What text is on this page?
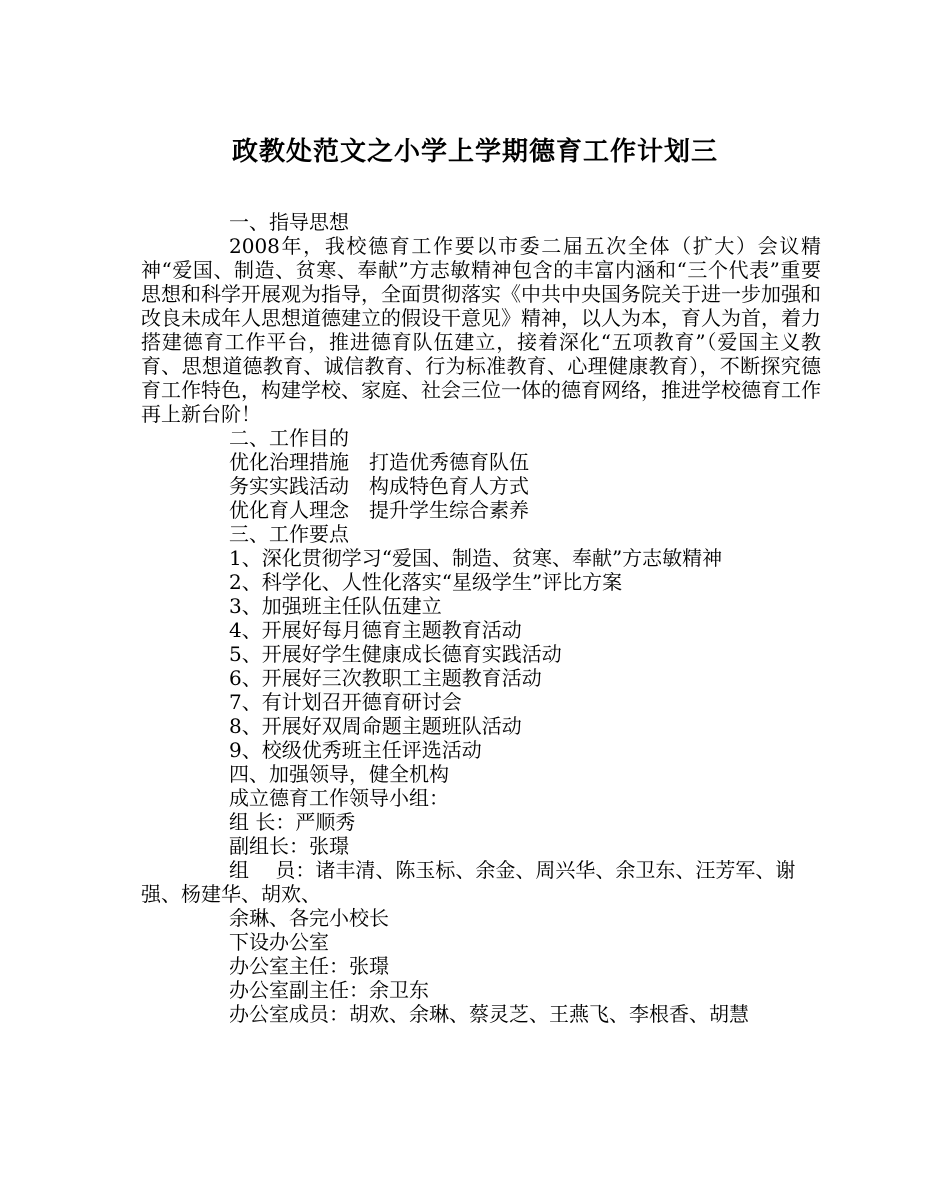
政教处范文之小学上学期德育工作计划三
一、指导思想
2008年，我校德育工作要以市委二届五次全体（扩大）会议精神“爱国、制造、贫寒、奉献”方志敏精神包含的丰富内涵和“三个代表”重要思想和科学开展观为指导，全面贯彻落实《中共中央国务院关于进一步加强和改良未成年人思想道德建立的假设干意见》精神，以人为本，育人为首，着力搭建德育工作平台，推进德育队伍建立，接着深化“五项教育”（爱国主义教育、思想道德教育、诚信教育、行为标准教育、心理健康教育），不断探究德育工作特色，构建学校、家庭、社会三位一体的德育网络，推进学校德育工作再上新台阶！
二、工作目的
优化治理措施 打造优秀德育队伍
务实实践活动 构成特色育人方式
优化育人理念 提升学生综合素养
三、工作要点
1、深化贯彻学习“爱国、制造、贫寒、奉献”方志敏精神
2、科学化、人性化落实“星级学生”评比方案
3、加强班主任队伍建立
4、开展好每月德育主题教育活动
5、开展好学生健康成长德育实践活动
6、开展好三次教职工主题教育活动
7、有计划召开德育研讨会
8、开展好双周命题主题班队活动
9、校级优秀班主任评选活动
四、加强领导，健全机构
成立德育工作领导小组：
组 长：严顺秀
副组长：张璟
组　 员：诸丰清、陈玉标、余金、周兴华、余卫东、汪芳军、谢强、杨建华、胡欢、
余琳、各完小校长
下设办公室
办公室主任：张璟
办公室副主任：余卫东
办公室成员：胡欢、余琳、蔡灵芝、王燕飞、李根香、胡慧
